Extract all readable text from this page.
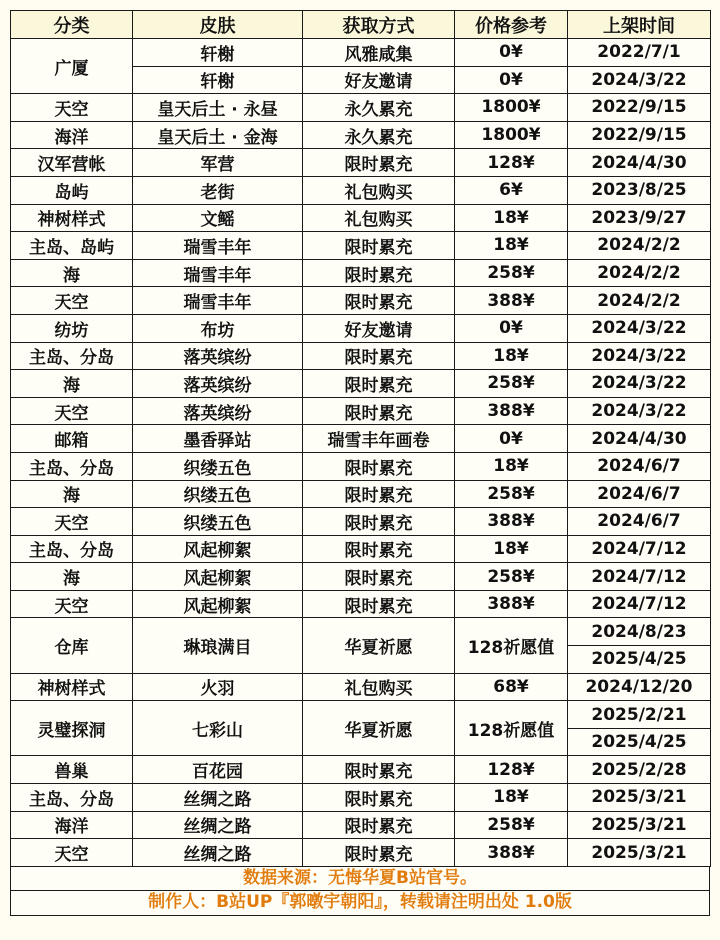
分类	皮肤	获取方式	价格参考	上架时间
广厦	轩榭	风雅咸集	0¥	2022/7/1
	轩榭	好友邀请	0¥	2024/3/22
天空	皇天后土 · 永昼	永久累充	1800¥	2022/9/15
海洋	皇天后土 · 金海	永久累充	1800¥	2022/9/15
汉军营帐	军营	限时累充	128¥	2024/4/30
岛屿	老街	礼包购买	6¥	2023/8/25
神树样式	文鳐	礼包购买	18¥	2023/9/27
主岛、岛屿	瑞雪丰年	限时累充	18¥	2024/2/2
海	瑞雪丰年	限时累充	258¥	2024/2/2
天空	瑞雪丰年	限时累充	388¥	2024/2/2
纺坊	布坊	好友邀请	0¥	2024/3/22
主岛、分岛	落英缤纷	限时累充	18¥	2024/3/22
海	落英缤纷	限时累充	258¥	2024/3/22
天空	落英缤纷	限时累充	388¥	2024/3/22
邮箱	墨香驿站	瑞雪丰年画卷	0¥	2024/4/30
主岛、分岛	织缕五色	限时累充	18¥	2024/6/7
海	织缕五色	限时累充	258¥	2024/6/7
天空	织缕五色	限时累充	388¥	2024/6/7
主岛、分岛	风起柳絮	限时累充	18¥	2024/7/12
海	风起柳絮	限时累充	258¥	2024/7/12
天空	风起柳絮	限时累充	388¥	2024/7/12
仓库	琳琅满目	华夏祈愿	128祈愿值	2024/8/23
				2025/4/25
神树样式	火羽	礼包购买	68¥	2024/12/20
灵璧探洞	七彩山	华夏祈愿	128祈愿值	2025/2/21
				2025/4/25
兽巢	百花园	限时累充	128¥	2025/2/28
主岛、分岛	丝绸之路	限时累充	18¥	2025/3/21
海洋	丝绸之路	限时累充	258¥	2025/3/21
天空	丝绸之路	限时累充	388¥	2025/3/21
数据来源：无悔华夏B站官号。
制作人：B站UP『郭暾宇朝阳』，转载请注明出处 1.0版
